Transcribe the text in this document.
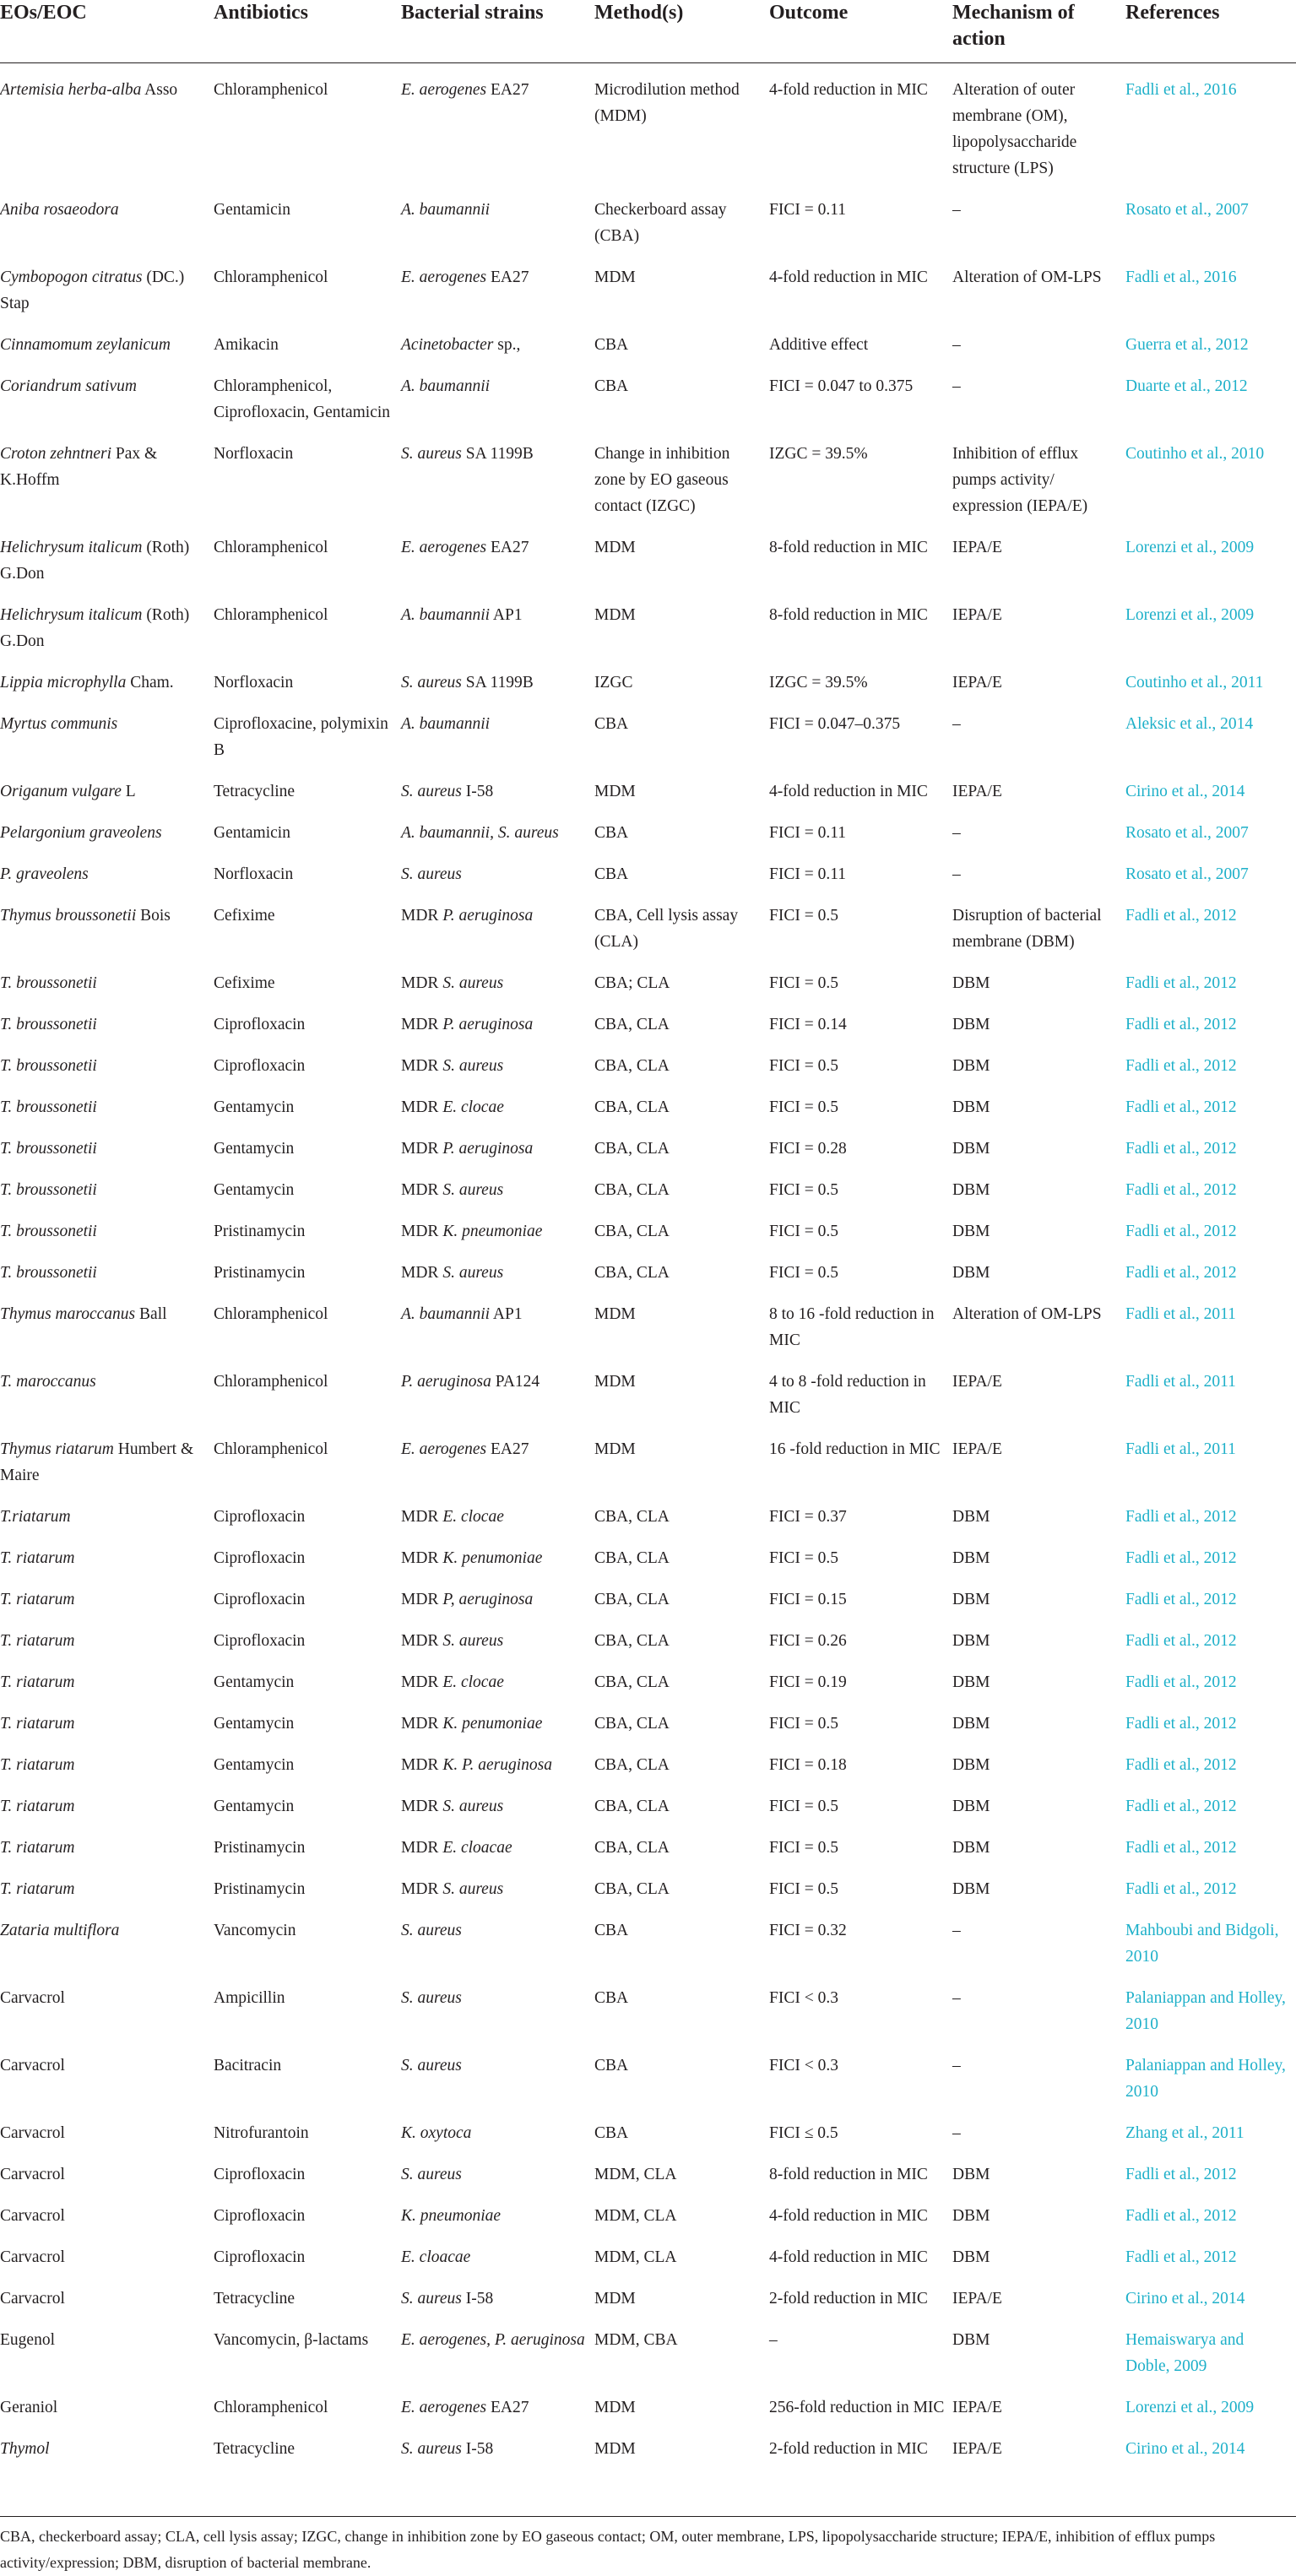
EOs/EOC	Antibiotics	Bacterial strains	Method(s)	Outcome	Mechanism of action	References
Artemisia herba-alba Asso	Chloramphenicol	E. aerogenes EA27	Microdilution method (MDM)	4-fold reduction in MIC	Alteration of outer membrane (OM), lipopolysaccharide structure (LPS)	Fadli et al., 2016
Aniba rosaeodora	Gentamicin	A. baumannii	Checkerboard assay (CBA)	FICI = 0.11	–	Rosato et al., 2007
Cymbopogon citratus (DC.) Stap	Chloramphenicol	E. aerogenes EA27	MDM	4-fold reduction in MIC	Alteration of OM-LPS	Fadli et al., 2016
Cinnamomum zeylanicum	Amikacin	Acinetobacter sp.,	CBA	Additive effect	–	Guerra et al., 2012
Coriandrum sativum	Chloramphenicol, Ciprofloxacin, Gentamicin	A. baumannii	CBA	FICI = 0.047 to 0.375	–	Duarte et al., 2012
Croton zehntneri Pax & K.Hoffm	Norfloxacin	S. aureus SA 1199B	Change in inhibition zone by EO gaseous contact (IZGC)	IZGC = 39.5%	Inhibition of efflux pumps activity/ expression (IEPA/E)	Coutinho et al., 2010
Helichrysum italicum (Roth) G.Don	Chloramphenicol	E. aerogenes EA27	MDM	8-fold reduction in MIC	IEPA/E	Lorenzi et al., 2009
Helichrysum italicum (Roth) G.Don	Chloramphenicol	A. baumannii AP1	MDM	8-fold reduction in MIC	IEPA/E	Lorenzi et al., 2009
Lippia microphylla Cham.	Norfloxacin	S. aureus SA 1199B	IZGC	IZGC = 39.5%	IEPA/E	Coutinho et al., 2011
Myrtus communis	Ciprofloxacine, polymixin B	A. baumannii	CBA	FICI = 0.047–0.375	–	Aleksic et al., 2014
Origanum vulgare L	Tetracycline	S. aureus I-58	MDM	4-fold reduction in MIC	IEPA/E	Cirino et al., 2014
Pelargonium graveolens	Gentamicin	A. baumannii, S. aureus	CBA	FICI = 0.11	–	Rosato et al., 2007
P. graveolens	Norfloxacin	S. aureus	CBA	FICI = 0.11	–	Rosato et al., 2007
Thymus broussonetii Bois	Cefixime	MDR P. aeruginosa	CBA, Cell lysis assay (CLA)	FICI = 0.5	Disruption of bacterial membrane (DBM)	Fadli et al., 2012
T. broussonetii	Cefixime	MDR S. aureus	CBA; CLA	FICI = 0.5	DBM	Fadli et al., 2012
T. broussonetii	Ciprofloxacin	MDR P. aeruginosa	CBA, CLA	FICI = 0.14	DBM	Fadli et al., 2012
T. broussonetii	Ciprofloxacin	MDR S. aureus	CBA, CLA	FICI = 0.5	DBM	Fadli et al., 2012
T. broussonetii	Gentamycin	MDR E. clocae	CBA, CLA	FICI = 0.5	DBM	Fadli et al., 2012
T. broussonetii	Gentamycin	MDR P. aeruginosa	CBA, CLA	FICI = 0.28	DBM	Fadli et al., 2012
T. broussonetii	Gentamycin	MDR S. aureus	CBA, CLA	FICI = 0.5	DBM	Fadli et al., 2012
T. broussonetii	Pristinamycin	MDR K. pneumoniae	CBA, CLA	FICI = 0.5	DBM	Fadli et al., 2012
T. broussonetii	Pristinamycin	MDR S. aureus	CBA, CLA	FICI = 0.5	DBM	Fadli et al., 2012
Thymus maroccanus Ball	Chloramphenicol	A. baumannii AP1	MDM	8 to 16 -fold reduction in MIC	Alteration of OM-LPS	Fadli et al., 2011
T. maroccanus	Chloramphenicol	P. aeruginosa PA124	MDM	4 to 8 -fold reduction in MIC	IEPA/E	Fadli et al., 2011
Thymus riatarum Humbert & Maire	Chloramphenicol	E. aerogenes EA27	MDM	16 -fold reduction in MIC	IEPA/E	Fadli et al., 2011
T.riatarum	Ciprofloxacin	MDR E. clocae	CBA, CLA	FICI = 0.37	DBM	Fadli et al., 2012
T. riatarum	Ciprofloxacin	MDR K. penumoniae	CBA, CLA	FICI = 0.5	DBM	Fadli et al., 2012
T. riatarum	Ciprofloxacin	MDR P, aeruginosa	CBA, CLA	FICI = 0.15	DBM	Fadli et al., 2012
T. riatarum	Ciprofloxacin	MDR S. aureus	CBA, CLA	FICI = 0.26	DBM	Fadli et al., 2012
T. riatarum	Gentamycin	MDR E. clocae	CBA, CLA	FICI = 0.19	DBM	Fadli et al., 2012
T. riatarum	Gentamycin	MDR K. penumoniae	CBA, CLA	FICI = 0.5	DBM	Fadli et al., 2012
T. riatarum	Gentamycin	MDR K. P. aeruginosa	CBA, CLA	FICI = 0.18	DBM	Fadli et al., 2012
T. riatarum	Gentamycin	MDR S. aureus	CBA, CLA	FICI = 0.5	DBM	Fadli et al., 2012
T. riatarum	Pristinamycin	MDR E. cloacae	CBA, CLA	FICI = 0.5	DBM	Fadli et al., 2012
T. riatarum	Pristinamycin	MDR S. aureus	CBA, CLA	FICI = 0.5	DBM	Fadli et al., 2012
Zataria multiflora	Vancomycin	S. aureus	CBA	FICI = 0.32	–	Mahboubi and Bidgoli, 2010
Carvacrol	Ampicillin	S. aureus	CBA	FICI < 0.3	–	Palaniappan and Holley, 2010
Carvacrol	Bacitracin	S. aureus	CBA	FICI < 0.3	–	Palaniappan and Holley, 2010
Carvacrol	Nitrofurantoin	K. oxytoca	CBA	FICI ≤ 0.5	–	Zhang et al., 2011
Carvacrol	Ciprofloxacin	S. aureus	MDM, CLA	8-fold reduction in MIC	DBM	Fadli et al., 2012
Carvacrol	Ciprofloxacin	K. pneumoniae	MDM, CLA	4-fold reduction in MIC	DBM	Fadli et al., 2012
Carvacrol	Ciprofloxacin	E. cloacae	MDM, CLA	4-fold reduction in MIC	DBM	Fadli et al., 2012
Carvacrol	Tetracycline	S. aureus I-58	MDM	2-fold reduction in MIC	IEPA/E	Cirino et al., 2014
Eugenol	Vancomycin, β-lactams	E. aerogenes, P. aeruginosa	MDM, CBA	–	DBM	Hemaiswarya and Doble, 2009
Geraniol	Chloramphenicol	E. aerogenes EA27	MDM	256-fold reduction in MIC	IEPA/E	Lorenzi et al., 2009
Thymol	Tetracycline	S. aureus I-58	MDM	2-fold reduction in MIC	IEPA/E	Cirino et al., 2014
CBA, checkerboard assay; CLA, cell lysis assay; IZGC, change in inhibition zone by EO gaseous contact; OM, outer membrane, LPS, lipopolysaccharide structure; IEPA/E, inhibition of efflux pumps activity/expression; DBM, disruption of bacterial membrane.
